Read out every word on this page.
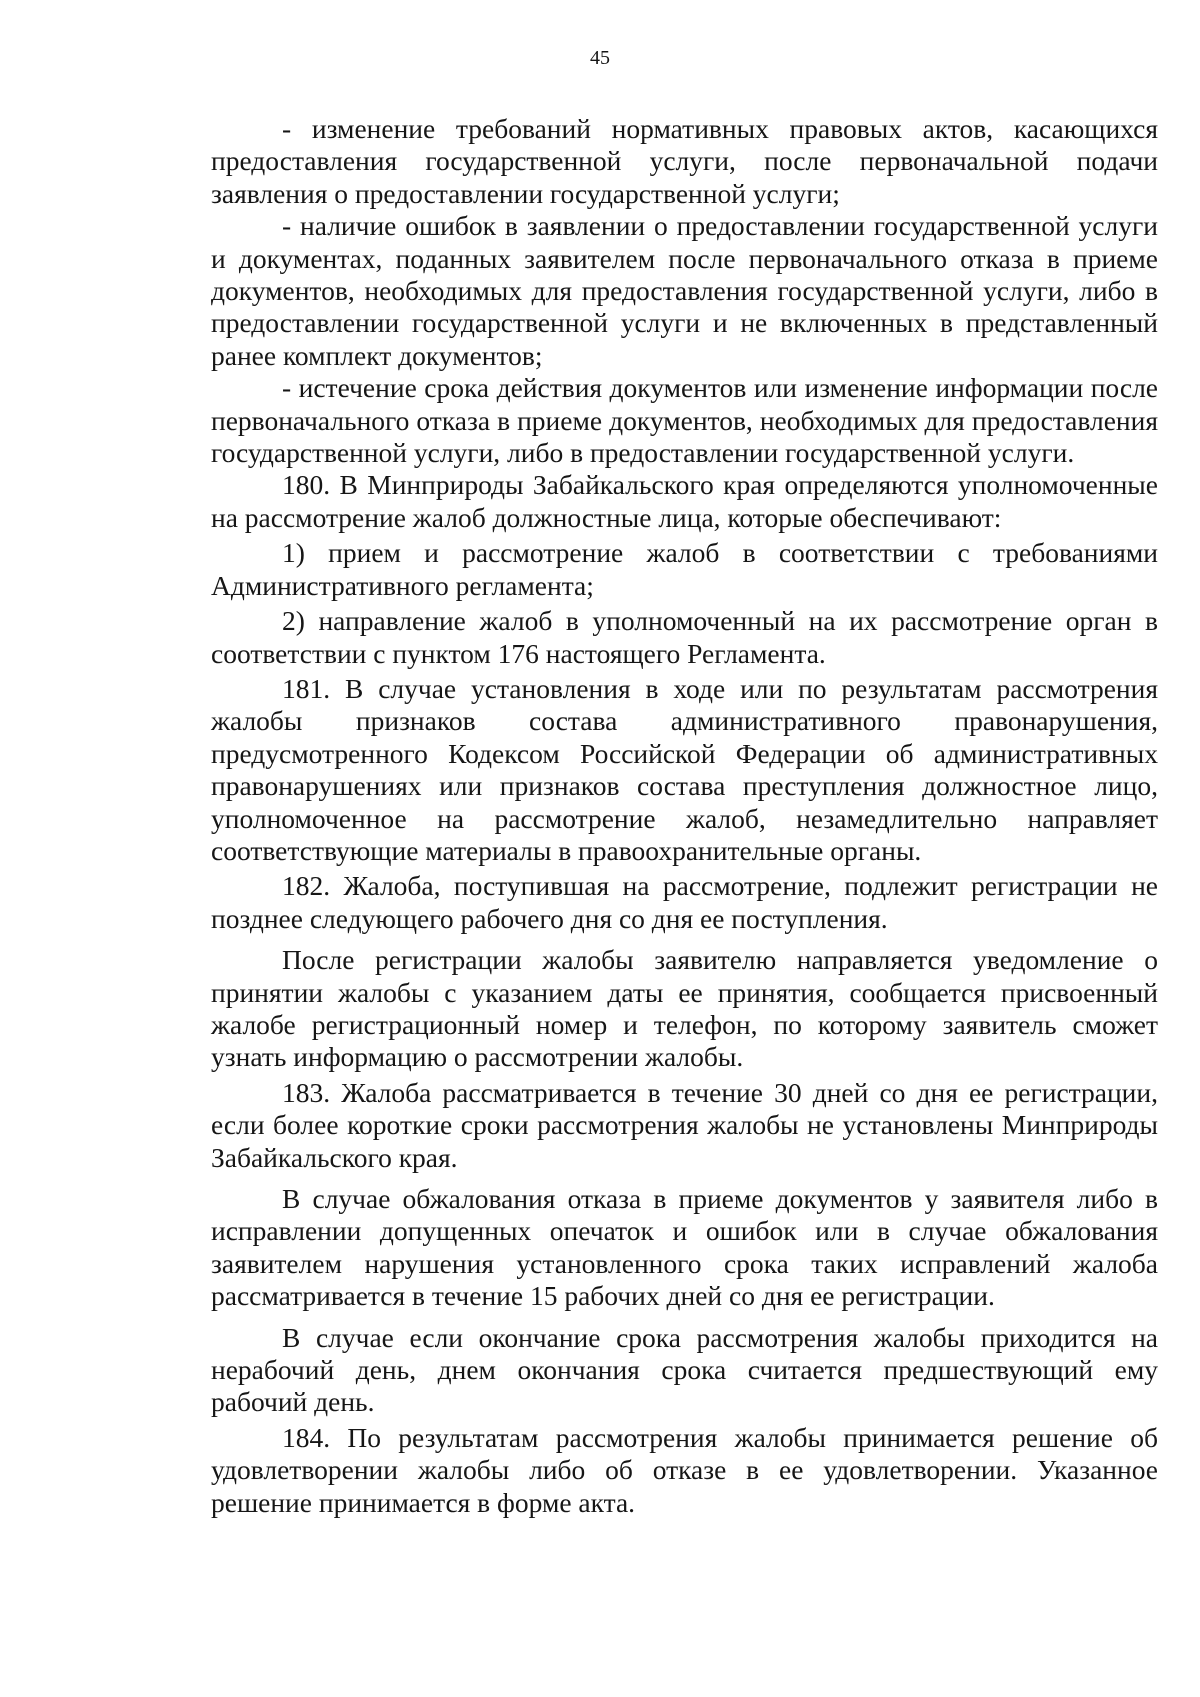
45

- изменение требований нормативных правовых актов, касающихся предоставления государственной услуги, после первоначальной подачи заявления о предоставлении государственной услуги;

- наличие ошибок в заявлении о предоставлении государственной услуги и документах, поданных заявителем после первоначального отказа в приеме документов, необходимых для предоставления государственной услуги, либо в предоставлении государственной услуги и не включенных в представленный ранее комплект документов;

- истечение срока действия документов или изменение информации после первоначального отказа в приеме документов, необходимых для предоставления государственной услуги, либо в предоставлении государственной услуги.

180. В Минприроды Забайкальского края определяются уполномоченные на рассмотрение жалоб должностные лица, которые обеспечивают:

1) прием и рассмотрение жалоб в соответствии с требованиями Административного регламента;

2) направление жалоб в уполномоченный на их рассмотрение орган в соответствии с пунктом 176 настоящего Регламента.

181. В случае установления в ходе или по результатам рассмотрения жалобы признаков состава административного правонарушения, предусмотренного Кодексом Российской Федерации об административных правонарушениях или признаков состава преступления должностное лицо, уполномоченное на рассмотрение жалоб, незамедлительно направляет соответствующие материалы в правоохранительные органы.

182. Жалоба, поступившая на рассмотрение, подлежит регистрации не позднее следующего рабочего дня со дня ее поступления.

После регистрации жалобы заявителю направляется уведомление о принятии жалобы с указанием даты ее принятия, сообщается присвоенный жалобе регистрационный номер и телефон, по которому заявитель сможет узнать информацию о рассмотрении жалобы.

183. Жалоба рассматривается в течение 30 дней со дня ее регистрации, если более короткие сроки рассмотрения жалобы не установлены Минприроды Забайкальского края.

В случае обжалования отказа в приеме документов у заявителя либо в исправлении допущенных опечаток и ошибок или в случае обжалования заявителем нарушения установленного срока таких исправлений жалоба рассматривается в течение 15 рабочих дней со дня ее регистрации.

В случае если окончание срока рассмотрения жалобы приходится на нерабочий день, днем окончания срока считается предшествующий ему рабочий день.

184. По результатам рассмотрения жалобы принимается решение об удовлетворении жалобы либо об отказе в ее удовлетворении. Указанное решение принимается в форме акта.
